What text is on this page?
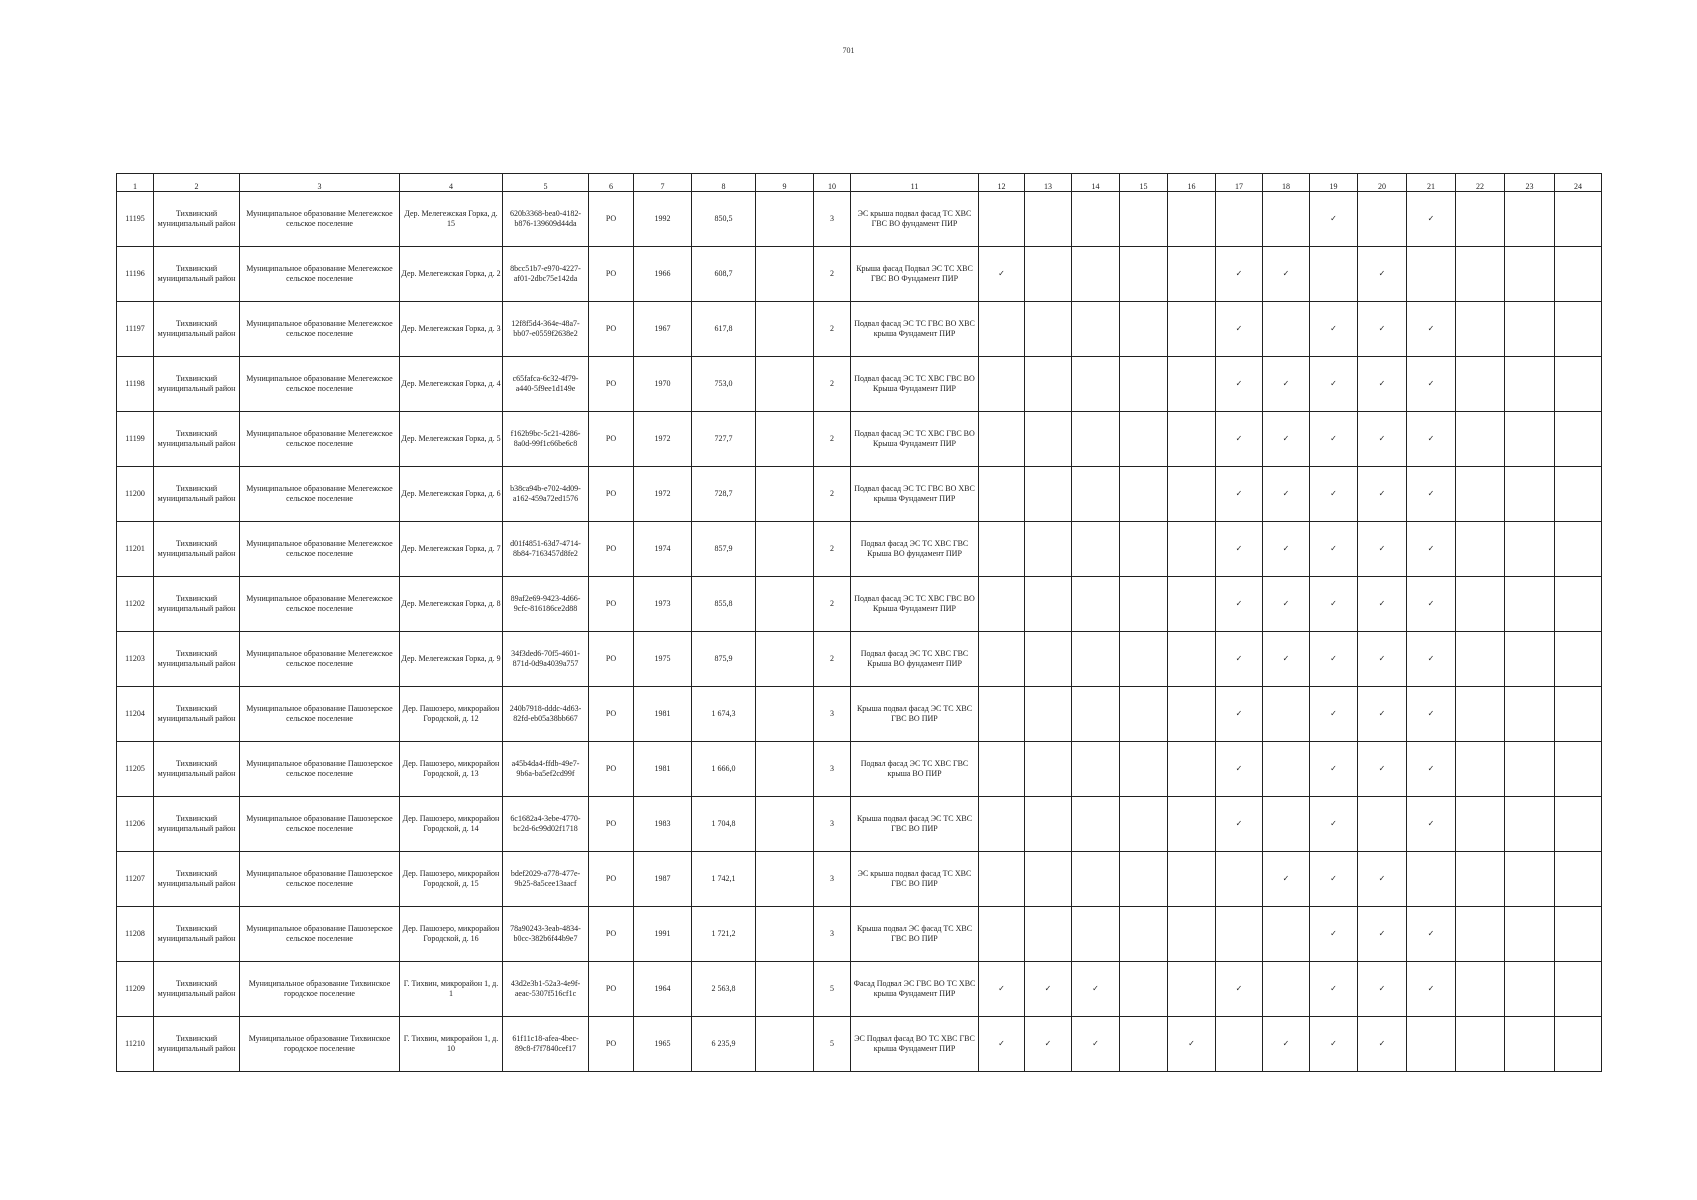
701
1	2	3	4	5	6	7	8	9	10	11	12	13	14	15	16	17	18	19	20	21	22	23	24
11195	Тихвинский муниципальный район	Муниципальное образование Мелегежское сельское поселение	Дер. Мелегежская Горка, д. 15	620b3368-bea0-4182-b876-139609d44da	РО	1992	850,5		3	ЭС крыша подвал фасад ТС ХВС ГВС ВО фундамент ПИР								✓		✓			
11196	Тихвинский муниципальный район	Муниципальное образование Мелегежское сельское поселение	Дер. Мелегежская Горка, д. 2	8bcc51b7-e970-4227-af01-2dbc75e142da	РО	1966	608,7		2	Крыша фасад Подвал ЭС ТС ХВС ГВС ВО Фундамент ПИР	✓					✓	✓		✓				
11197	Тихвинский муниципальный район	Муниципальное образование Мелегежское сельское поселение	Дер. Мелегежская Горка, д. 3	12f8f5d4-364e-48a7-bb07-e0559f2638e2	РО	1967	617,8		2	Подвал фасад ЭС ТС ГВС ВО ХВС крыша Фундамент ПИР						✓		✓	✓	✓			
11198	Тихвинский муниципальный район	Муниципальное образование Мелегежское сельское поселение	Дер. Мелегежская Горка, д. 4	c65fafca-6c32-4f79-a440-5f9ee1d149e	РО	1970	753,0		2	Подвал фасад ЭС ТС ХВС ГВС ВО Крыша Фундамент ПИР						✓	✓	✓	✓	✓			
11199	Тихвинский муниципальный район	Муниципальное образование Мелегежское сельское поселение	Дер. Мелегежская Горка, д. 5	f162b9bc-5c21-4286-8a0d-99f1c66be6c8	РО	1972	727,7		2	Подвал фасад ЭС ТС ХВС ГВС ВО Крыша Фундамент ПИР						✓	✓	✓	✓	✓			
11200	Тихвинский муниципальный район	Муниципальное образование Мелегежское сельское поселение	Дер. Мелегежская Горка, д. 6	b38ca94b-e702-4d09-a162-459a72ed1576	РО	1972	728,7		2	Подвал фасад ЭС ТС ГВС ВО ХВС крыша Фундамент ПИР						✓	✓	✓	✓	✓			
11201	Тихвинский муниципальный район	Муниципальное образование Мелегежское сельское поселение	Дер. Мелегежская Горка, д. 7	d01f4851-63d7-4714-8b84-7163457d8fe2	РО	1974	857,9		2	Подвал фасад ЭС ТС ХВС ГВС Крыша ВО фундамент ПИР						✓	✓	✓	✓	✓			
11202	Тихвинский муниципальный район	Муниципальное образование Мелегежское сельское поселение	Дер. Мелегежская Горка, д. 8	89af2e69-9423-4d66-9cfc-816186ce2d88	РО	1973	855,8		2	Подвал фасад ЭС ТС ХВС ГВС ВО Крыша Фундамент ПИР						✓	✓	✓	✓	✓			
11203	Тихвинский муниципальный район	Муниципальное образование Мелегежское сельское поселение	Дер. Мелегежская Горка, д. 9	34f3ded6-70f5-4601-871d-0d9a4039a757	РО	1975	875,9		2	Подвал фасад ЭС ТС ХВС ГВС Крыша ВО фундамент ПИР						✓	✓	✓	✓	✓			
11204	Тихвинский муниципальный район	Муниципальное образование Пашозерское сельское поселение	Дер. Пашозеро, микрорайон Городской, д. 12	240b7918-dddc-4d63-82fd-eb05a38bb667	РО	1981	1 674,3		3	Крыша подвал фасад ЭС ТС ХВС ГВС ВО ПИР						✓		✓	✓	✓			
11205	Тихвинский муниципальный район	Муниципальное образование Пашозерское сельское поселение	Дер. Пашозеро, микрорайон Городской, д. 13	a45b4da4-ffdb-49e7-9b6a-ba5ef2cd99f	РО	1981	1 666,0		3	Подвал фасад ЭС ТС ХВС ГВС крыша ВО ПИР						✓		✓	✓	✓			
11206	Тихвинский муниципальный район	Муниципальное образование Пашозерское сельское поселение	Дер. Пашозеро, микрорайон Городской, д. 14	6c1682a4-3ebe-4770-bc2d-6c99d02f1718	РО	1983	1 704,8		3	Крыша подвал фасад ЭС ТС ХВС ГВС ВО ПИР						✓		✓		✓			
11207	Тихвинский муниципальный район	Муниципальное образование Пашозерское сельское поселение	Дер. Пашозеро, микрорайон Городской, д. 15	bdef2029-a778-477e-9b25-8a5cee13aacf	РО	1987	1 742,1		3	ЭС крыша подвал фасад ТС ХВС ГВС ВО ПИР							✓	✓	✓				
11208	Тихвинский муниципальный район	Муниципальное образование Пашозерское сельское поселение	Дер. Пашозеро, микрорайон Городской, д. 16	78a90243-3eab-4834-b0cc-382b6f44b9e7	РО	1991	1 721,2		3	Крыша подвал ЭС фасад ТС ХВС ГВС ВО ПИР								✓	✓	✓			
11209	Тихвинский муниципальный район	Муниципальное образование Тихвинское городское поселение	Г. Тихвин, микрорайон 1, д. 1	43d2e3b1-52a3-4e9f-aeac-5307f516cf1c	РО	1964	2 563,8		5	Фасад Подвал ЭС ГВС ВО ТС ХВС крыша Фундамент ПИР	✓	✓	✓			✓		✓	✓	✓			
11210	Тихвинский муниципальный район	Муниципальное образование Тихвинское городское поселение	Г. Тихвин, микрорайон 1, д. 10	61f11c18-afea-4bec-89c8-f7f7840cef17	РО	1965	6 235,9		5	ЭС Подвал фасад ВО ТС ХВС ГВС крыша Фундамент ПИР	✓	✓	✓		✓		✓	✓	✓				
